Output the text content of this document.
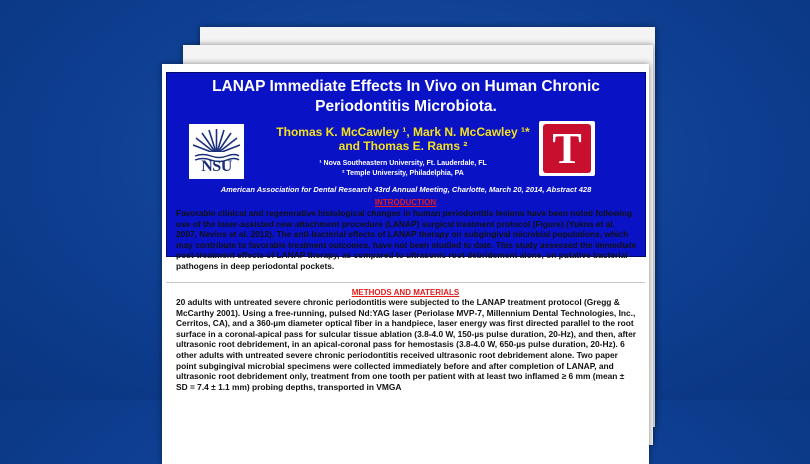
LANAP Immediate Effects In Vivo on Human Chronic
Periodontitis Microbiota.
NSU
Thomas K. McCawley ¹, Mark N. McCawley ¹*
and Thomas E. Rams ²
¹ Nova Southeastern University, Ft. Lauderdale, FL
² Temple University, Philadelphia, PA
T
American Association for Dental Research 43rd Annual Meeting, Charlotte, March 20, 2014, Abstract 428
INTRODUCTION
Favorable clinical and regenerative histological changes in human periodontitis lesions have been noted following use of the laser-assisted new attachment procedure (LANAP) surgical treatment protocol (Figure) (Yukna et al. 2007, Nevins et al. 2012). The anti-bacterial effects of LANAP therapy on subgingival microbial populations, which may contribute to favorable treatment outcomes, have not been studied to date. This study assessed the immediate post-treatment effects of LANAP therapy, as compared to ultrasonic root debridement alone, on putative bacterial pathogens in deep periodontal pockets.
METHODS AND MATERIALS
20 adults with untreated severe chronic periodontitis were subjected to the LANAP treatment protocol (Gregg & McCarthy 2001). Using a free-running, pulsed Nd:YAG laser (Periolase MVP-7, Millennium Dental Technologies, Inc., Cerritos, CA), and a 360-µm diameter optical fiber in a handpiece, laser energy was first directed parallel to the root surface in a coronal-apical pass for sulcular tissue ablation (3.8-4.0 W, 150-µs pulse duration, 20-Hz), and then, after ultrasonic root debridement, in an apical-coronal pass for hemostasis (3.8-4.0 W, 650-µs pulse duration, 20-Hz). 6 other adults with untreated severe chronic periodontitis received ultrasonic root debridement alone. Two paper point subgingival microbial specimens were collected immediately before and after completion of LANAP, and ultrasonic root debridement only, treatment from one tooth per patient with at least two inflamed ≥ 6 mm (mean ± SD = 7.4 ± 1.1 mm) probing depths, transported in VMGA
